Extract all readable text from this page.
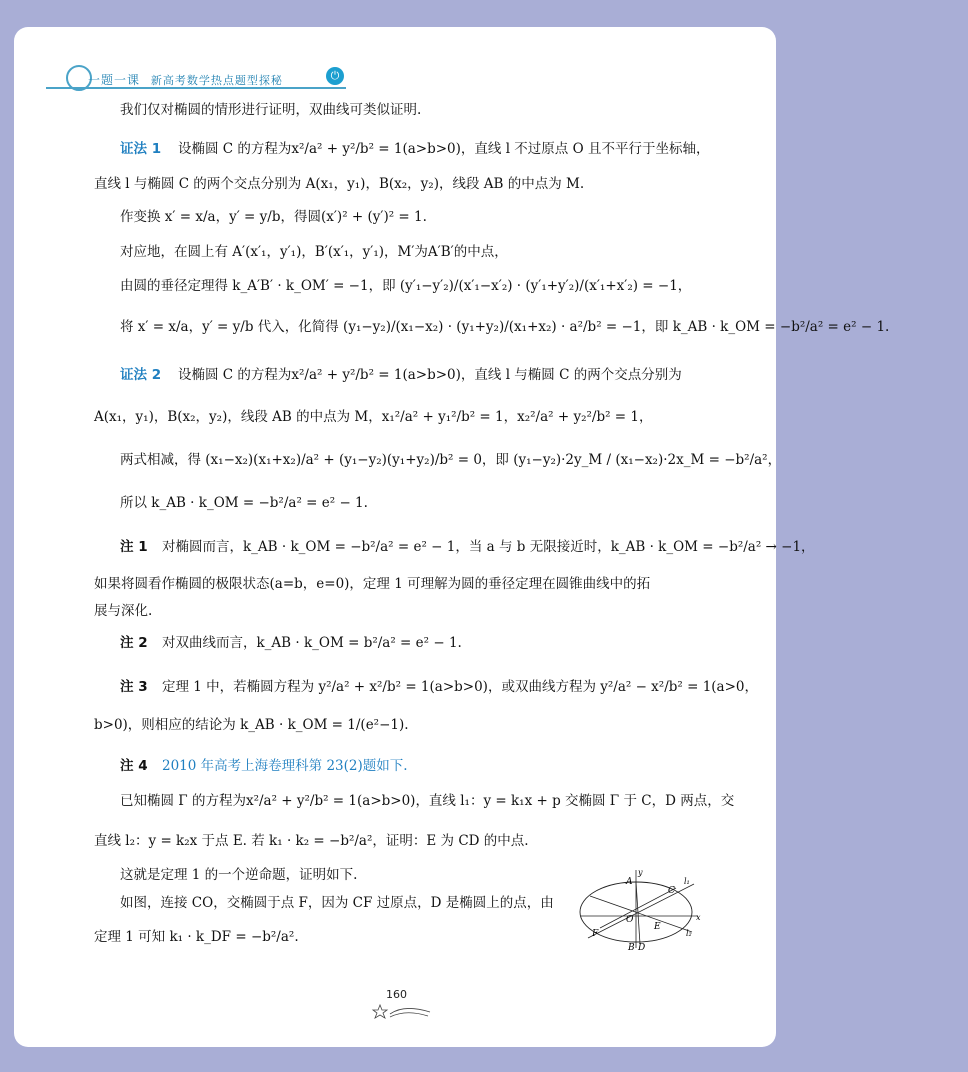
一题一课 新高考数学热点题型探秘	⏻
我们仅对椭圆的情形进行证明，双曲线可类似证明.
证法 1	设椭圆 C 的方程为x²/a² + y²/b² = 1(a>b>0)，直线 l 不过原点 O 且不平行于坐标轴，
直线 l 与椭圆 C 的两个交点分别为 A(x₁，y₁)，B(x₂，y₂)，线段 AB 的中点为 M.
作变换 x′ = x/a，y′ = y/b，得圆(x′)² + (y′)² = 1.
对应地，在圆上有 A′(x′₁，y′₁)，B′(x′₁，y′₁)，M′为A′B′的中点，
由圆的垂径定理得 k_A′B′ · k_OM′ = −1，即 (y′₁−y′₂)/(x′₁−x′₂) · (y′₁+y′₂)/(x′₁+x′₂) = −1，
将 x′ = x/a，y′ = y/b 代入，化简得 (y₁−y₂)/(x₁−x₂) · (y₁+y₂)/(x₁+x₂) · a²/b² = −1，即 k_AB · k_OM = −b²/a² = e² − 1.
证法 2	设椭圆 C 的方程为x²/a² + y²/b² = 1(a>b>0)，直线 l 与椭圆 C 的两个交点分别为
A(x₁，y₁)，B(x₂，y₂)，线段 AB 的中点为 M，x₁²/a² + y₁²/b² = 1，x₂²/a² + y₂²/b² = 1，
两式相减，得 (x₁−x₂)(x₁+x₂)/a² + (y₁−y₂)(y₁+y₂)/b² = 0，即 (y₁−y₂)·2y_M / (x₁−x₂)·2x_M = −b²/a²，
所以 k_AB · k_OM = −b²/a² = e² − 1.
注 1	对椭圆而言，k_AB · k_OM = −b²/a² = e² − 1，当 a 与 b 无限接近时，k_AB · k_OM = −b²/a² → −1，
如果将圆看作椭圆的极限状态(a=b，e=0)，定理 1 可理解为圆的垂径定理在圆锥曲线中的拓
展与深化.
注 2	对双曲线而言，k_AB · k_OM = b²/a² = e² − 1.
注 3	定理 1 中，若椭圆方程为 y²/a² + x²/b² = 1(a>b>0)，或双曲线方程为 y²/a² − x²/b² = 1(a>0，
b>0)，则相应的结论为 k_AB · k_OM = 1/(e²−1).
注 4	2010 年高考上海卷理科第 23(2)题如下.
已知椭圆 Γ 的方程为x²/a² + y²/b² = 1(a>b>0)，直线 l₁：y = k₁x + p 交椭圆 Γ 于 C，D 两点，交
直线 l₂：y = k₂x 于点 E. 若 k₁ · k₂ = −b²/a²，证明：E 为 CD 的中点.
这就是定理 1 的一个逆命题，证明如下.
如图，连接 CO，交椭圆于点 F，因为 CF 过原点，D 是椭圆上的点，由
定理 1 可知 k₁ · k_DF = −b²/a².
y
A
C
l₁
O	x
E
F
B D
l₂
160
